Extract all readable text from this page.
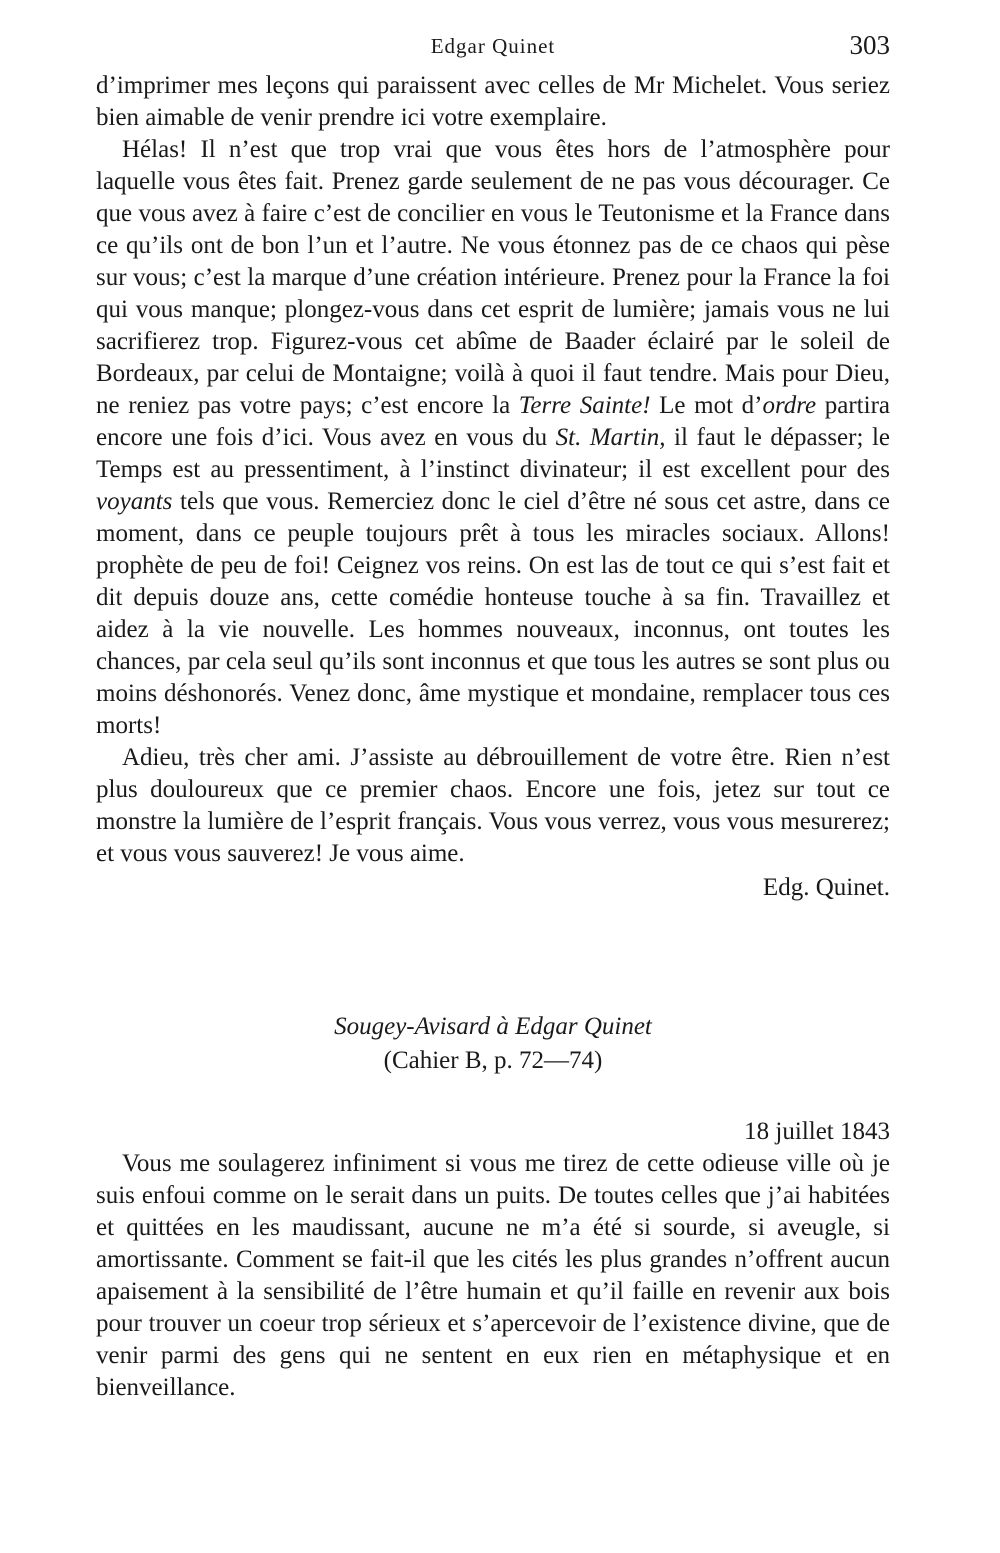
Edgar Quinet	303

d’imprimer mes leçons qui paraissent avec celles de Mr Michelet. Vous seriez bien aimable de venir prendre ici votre exemplaire.

Hélas! Il n’est que trop vrai que vous êtes hors de l’atmosphère pour laquelle vous êtes fait. Prenez garde seulement de ne pas vous décourager. Ce que vous avez à faire c’est de concilier en vous le Teutonisme et la France dans ce qu’ils ont de bon l’un et l’autre. Ne vous étonnez pas de ce chaos qui pèse sur vous; c’est la marque d’une création intérieure. Prenez pour la France la foi qui vous manque; plongez-vous dans cet esprit de lumière; jamais vous ne lui sacrifierez trop. Figurez-vous cet abîme de Baader éclairé par le soleil de Bordeaux, par celui de Montaigne; voilà à quoi il faut tendre. Mais pour Dieu, ne reniez pas votre pays; c’est encore la Terre Sainte! Le mot d’ordre partira encore une fois d’ici. Vous avez en vous du St. Martin, il faut le dépasser; le Temps est au pressentiment, à l’instinct divinateur; il est excellent pour des voyants tels que vous. Remerciez donc le ciel d’être né sous cet astre, dans ce moment, dans ce peuple toujours prêt à tous les miracles sociaux. Allons! prophète de peu de foi! Ceignez vos reins. On est las de tout ce qui s’est fait et dit depuis douze ans, cette comédie honteuse touche à sa fin. Travaillez et aidez à la vie nouvelle. Les hommes nouveaux, inconnus, ont toutes les chances, par cela seul qu’ils sont inconnus et que tous les autres se sont plus ou moins déshonorés. Venez donc, âme mystique et mondaine, remplacer tous ces morts!

Adieu, très cher ami. J’assiste au débrouillement de votre être. Rien n’est plus douloureux que ce premier chaos. Encore une fois, jetez sur tout ce monstre la lumière de l’esprit français. Vous vous verrez, vous vous mesurerez; et vous vous sauverez! Je vous aime.

Edg. Quinet.
Sougey-Avisard à Edgar Quinet
(Cahier B, p. 72—74)
18 juillet 1843

Vous me soulagerez infiniment si vous me tirez de cette odieuse ville où je suis enfoui comme on le serait dans un puits. De toutes celles que j’ai habitées et quittées en les maudissant, aucune ne m’a été si sourde, si aveugle, si amortissante. Comment se fait-il que les cités les plus grandes n’offrent aucun apaisement à la sensibilité de l’être humain et qu’il faille en revenir aux bois pour trouver un coeur trop sérieux et s’apercevoir de l’existence divine, que de venir parmi des gens qui ne sentent en eux rien en métaphysique et en bienveillance.
